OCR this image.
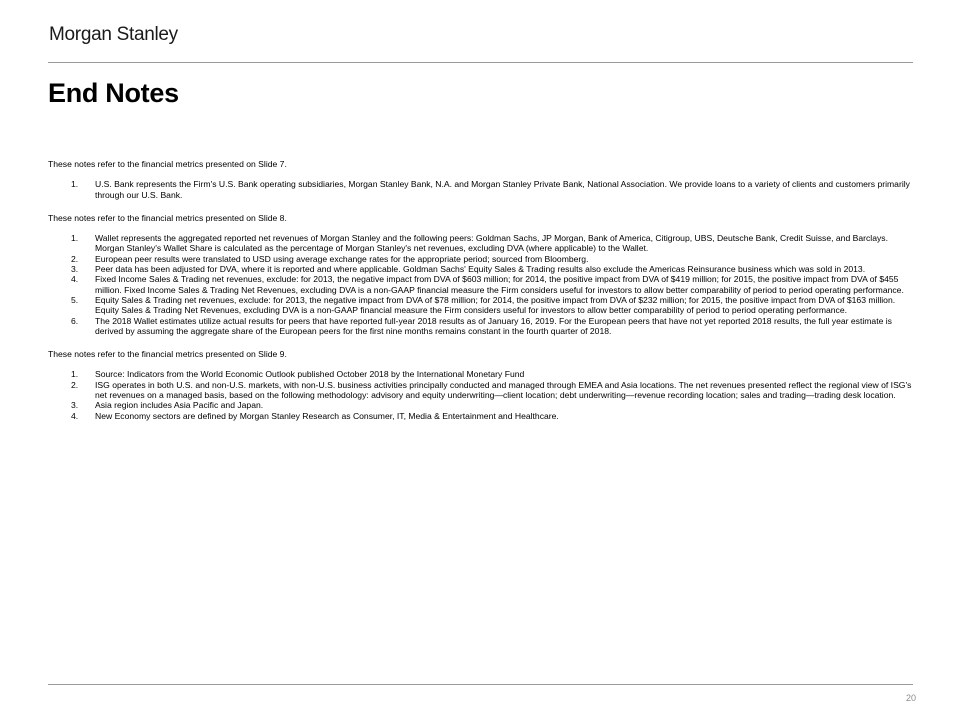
Morgan Stanley
End Notes

These notes refer to the financial metrics presented on Slide 7.

1.	U.S. Bank represents the Firm's U.S. Bank operating subsidiaries, Morgan Stanley Bank, N.A. and Morgan Stanley Private Bank, National Association. We provide loans to a variety of clients and customers primarily through our U.S. Bank.

These notes refer to the financial metrics presented on Slide 8.

1.	Wallet represents the aggregated reported net revenues of Morgan Stanley and the following peers: Goldman Sachs, JP Morgan, Bank of America, Citigroup, UBS, Deutsche Bank, Credit Suisse, and Barclays. Morgan Stanley's Wallet Share is calculated as the percentage of Morgan Stanley's net revenues, excluding DVA (where applicable) to the Wallet.
2.	European peer results were translated to USD using average exchange rates for the appropriate period; sourced from Bloomberg.
3.	Peer data has been adjusted for DVA, where it is reported and where applicable. Goldman Sachs' Equity Sales & Trading results also exclude the Americas Reinsurance business which was sold in 2013.
4.	Fixed Income Sales & Trading net revenues, exclude: for 2013, the negative impact from DVA of $603 million; for 2014, the positive impact from DVA of $419 million; for 2015, the positive impact from DVA of $455 million. Fixed Income Sales & Trading Net Revenues, excluding DVA is a non-GAAP financial measure the Firm considers useful for investors to allow better comparability of period to period operating performance.
5.	Equity Sales & Trading net revenues, exclude: for 2013, the negative impact from DVA of $78 million; for 2014, the positive impact from DVA of $232 million; for 2015, the positive impact from DVA of $163 million. Equity Sales & Trading Net Revenues, excluding DVA is a non-GAAP financial measure the Firm considers useful for investors to allow better comparability of period to period operating performance.
6.	The 2018 Wallet estimates utilize actual results for peers that have reported full-year 2018 results as of January 16, 2019. For the European peers that have not yet reported 2018 results, the full year estimate is derived by assuming the aggregate share of the European peers for the first nine months remains constant in the fourth quarter of 2018.

These notes refer to the financial metrics presented on Slide 9.

1.	Source: Indicators from the World Economic Outlook published October 2018 by the International Monetary Fund
2.	ISG operates in both U.S. and non-U.S. markets, with non-U.S. business activities principally conducted and managed through EMEA and Asia locations. The net revenues presented reflect the regional view of ISG's net revenues on a managed basis, based on the following methodology: advisory and equity underwriting—client location; debt underwriting—revenue recording location; sales and trading—trading desk location.
3.	Asia region includes Asia Pacific and Japan.
4.	New Economy sectors are defined by Morgan Stanley Research as Consumer, IT, Media & Entertainment and Healthcare.
20
